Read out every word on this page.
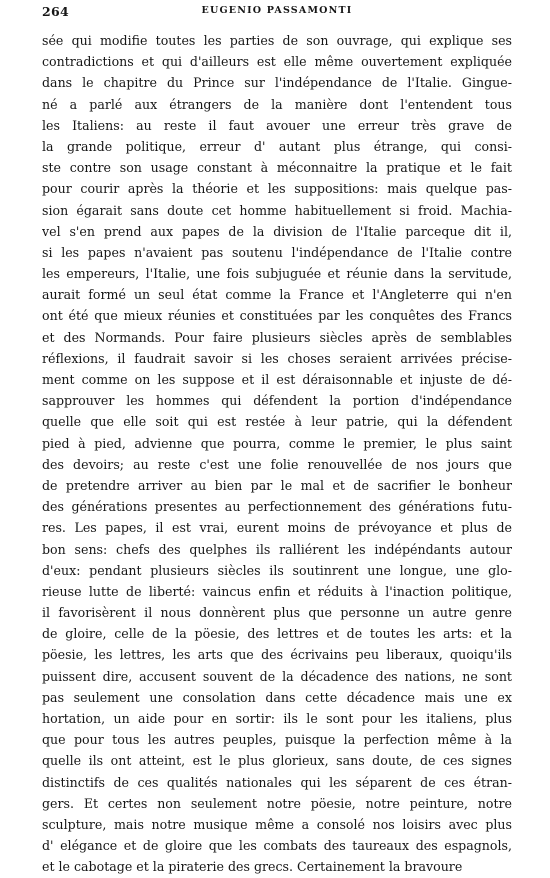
264	EUGENIO PASSAMONTI
sée qui modifie toutes les parties de son ouvrage, qui explique ses
contradictions et qui d'ailleurs est elle même ouvertement expliquée
dans le chapitre du Prince sur l'indépendance de l'Italie. Gingue-
né a parlé aux étrangers de la manière dont l'entendent tous
les Italiens: au reste il faut avouer une erreur très grave de
la grande politique, erreur d' autant plus étrange, qui consi-
ste contre son usage constant à méconnaitre la pratique et le fait
pour courir après la théorie et les suppositions: mais quelque pas-
sion égarait sans doute cet homme habituellement si froid. Machia-
vel s'en prend aux papes de la division de l'Italie parceque dit il,
si les papes n'avaient pas soutenu l'indépendance de l'Italie contre
les empereurs, l'Italie, une fois subjuguée et réunie dans la servitude,
aurait formé un seul état comme la France et l'Angleterre qui n'en
ont été que mieux réunies et constituées par les conquêtes des Francs
et des Normands. Pour faire plusieurs siècles après de semblables
réflexions, il faudrait savoir si les choses seraient arrivées précise-
ment comme on les suppose et il est déraisonnable et injuste de dé-
sapprouver les hommes qui défendent la portion d'indépendance
quelle que elle soit qui est restée à leur patrie, qui la défendent
pied à pied, advienne que pourra, comme le premier, le plus saint
des devoirs; au reste c'est une folie renouvellée de nos jours que
de pretendre arriver au bien par le mal et de sacrifier le bonheur
des générations presentes au perfectionnement des générations futu-
res. Les papes, il est vrai, eurent moins de prévoyance et plus de
bon sens: chefs des quelphes ils ralliérent les indépéndants autour
d'eux: pendant plusieurs siècles ils soutinrent une longue, une glo-
rieuse lutte de liberté: vaincus enfin et réduits à l'inaction politique,
il favorisèrent il nous donnèrent plus que personne un autre genre
de gloire, celle de la pöesie, des lettres et de toutes les arts: et la
pöesie, les lettres, les arts que des écrivains peu liberaux, quoiqu'ils
puissent dire, accusent souvent de la décadence des nations, ne sont
pas seulement une consolation dans cette décadence mais une ex
hortation, un aide pour en sortir: ils le sont pour les italiens, plus
que pour tous les autres peuples, puisque la perfection même à la
quelle ils ont atteint, est le plus glorieux, sans doute, de ces signes
distinctifs de ces qualités nationales qui les séparent de ces étran-
gers. Et certes non seulement notre pöesie, notre peinture, notre
sculpture, mais notre musique même a consolé nos loisirs avec plus
d' elégance et de gloire que les combats des taureaux des espagnols,
et le cabotage et la piraterie des grecs. Certainement la bravoure
